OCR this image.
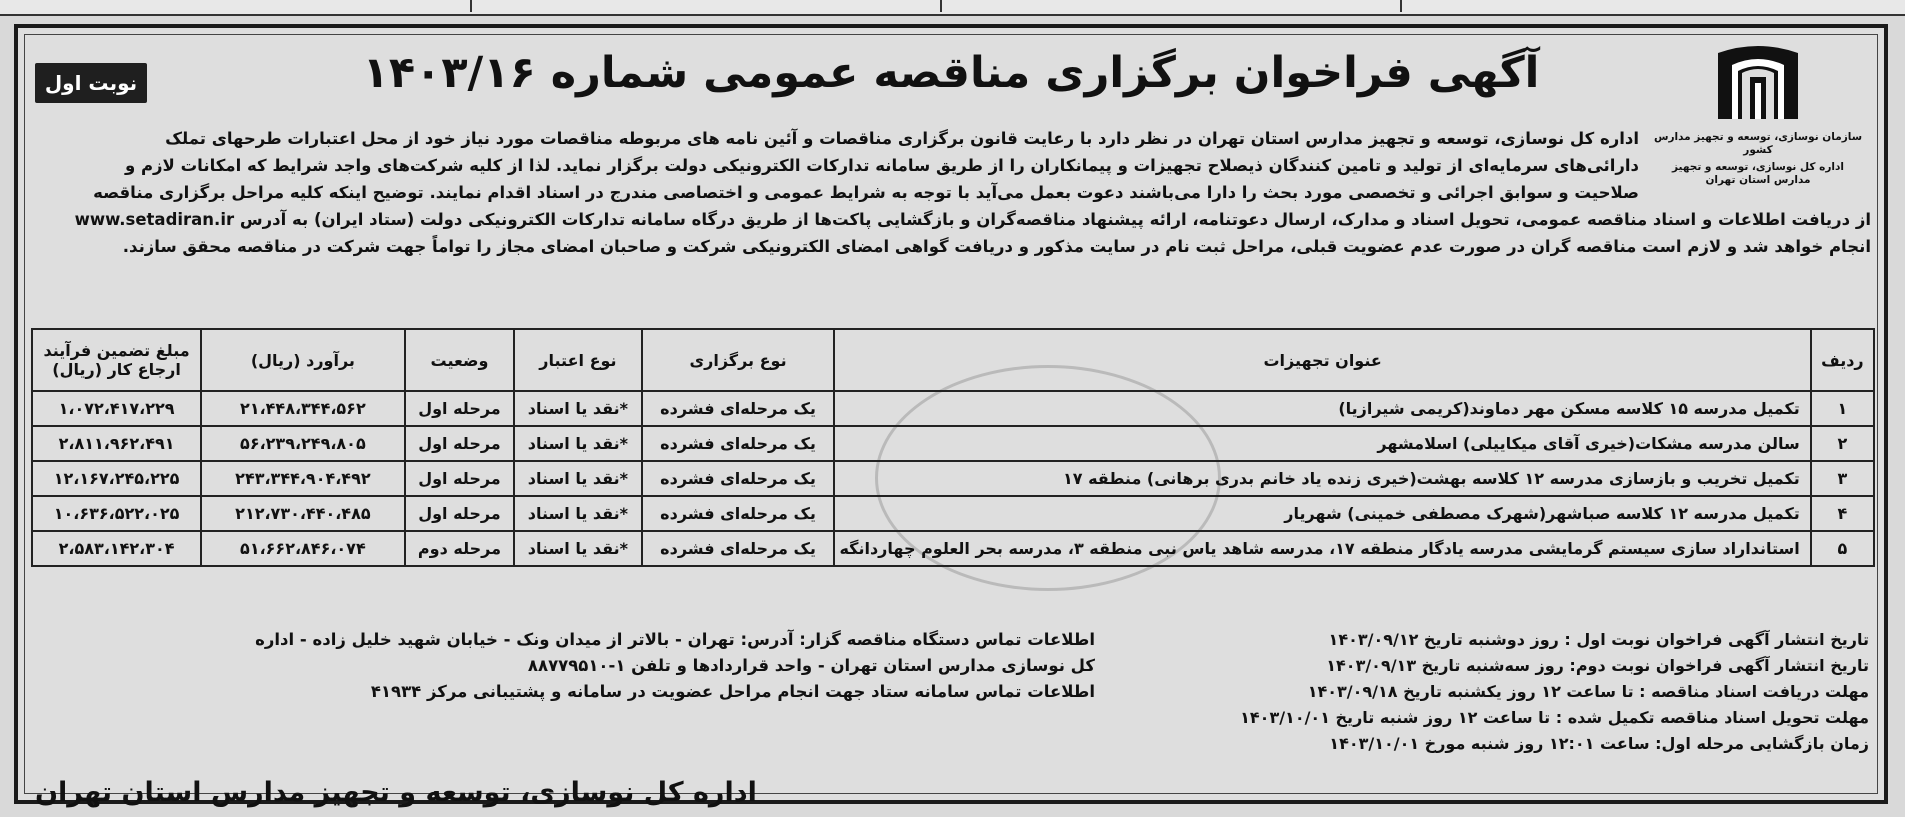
سازمان نوسازی، توسعه و تجهیز مدارس کشور
اداره کل نوسازی، توسعه و تجهیز مدارس استان تهران
نوبت اول	آگهی فراخوان برگزاری مناقصه عمومی شماره ۱۴۰۳/۱۶
اداره کل نوسازی، توسعه و تجهیز مدارس استان تهران در نظر دارد با رعایت قانون برگزاری مناقصات و آئین نامه های مربوطه مناقصات مورد نیاز خود از محل اعتبارات طرحهای تملک
دارائی‌های سرمایه‌ای از تولید و تامین کنندگان ذیصلاح تجهیزات و پیمانکاران را از طریق سامانه تدارکات الکترونیکی دولت برگزار نماید. لذا از کلیه شرکت‌های واجد شرایط که امکانات لازم و
صلاحیت و سوابق اجرائی و تخصصی مورد بحث را دارا می‌باشند دعوت بعمل می‌آید با توجه به شرایط عمومی و اختصاصی مندرج در اسناد اقدام نمایند. توضیح اینکه کلیه مراحل برگزاری مناقصه
از دریافت اطلاعات و اسناد مناقصه عمومی، تحویل اسناد و مدارک، ارسال دعوتنامه، ارائه پیشنهاد مناقصه‌گران و بازگشایی پاکت‌ها از طریق درگاه سامانه تدارکات الکترونیکی دولت (ستاد ایران) به آدرس www.setadiran.ir
انجام خواهد شد و لازم است مناقصه گران در صورت عدم عضویت قبلی، مراحل ثبت نام در سایت مذکور و دریافت گواهی امضای الکترونیکی شرکت و صاحبان امضای مجاز را تواماً جهت شرکت در مناقصه محقق سازند.
ردیف	عنوان تجهیزات	نوع برگزاری	نوع اعتبار	وضعیت	برآورد (ریال)	مبلغ تضمین فرآیند ارجاع کار (ریال)
۱	تکمیل مدرسه ۱۵ کلاسه مسکن مهر دماوند(کریمی شیرازیا)	یک مرحله‌ای فشرده	*نقد یا اسناد	مرحله اول	۲۱،۴۴۸،۳۴۴،۵۶۲	۱،۰۷۲،۴۱۷،۲۲۹
۲	سالن مدرسه مشکات(خیری آقای میکاییلی) اسلامشهر	یک مرحله‌ای فشرده	*نقد یا اسناد	مرحله اول	۵۶،۲۳۹،۲۴۹،۸۰۵	۲،۸۱۱،۹۶۲،۴۹۱
۳	تکمیل تخریب و بازسازی مدرسه ۱۲ کلاسه بهشت(خیری زنده یاد خانم بدری برهانی) منطقه ۱۷	یک مرحله‌ای فشرده	*نقد یا اسناد	مرحله اول	۲۴۳،۳۴۴،۹۰۴،۴۹۲	۱۲،۱۶۷،۲۴۵،۲۲۵
۴	تکمیل مدرسه ۱۲ کلاسه صباشهر(شهرک مصطفی خمینی) شهریار	یک مرحله‌ای فشرده	*نقد یا اسناد	مرحله اول	۲۱۲،۷۳۰،۴۴۰،۴۸۵	۱۰،۶۳۶،۵۲۲،۰۲۵
۵	استانداراد سازی سیستم گرمایشی مدرسه یادگار منطقه ۱۷، مدرسه شاهد یاس نبی منطقه ۳، مدرسه بحر العلوم چهاردانگه	یک مرحله‌ای فشرده	*نقد یا اسناد	مرحله دوم	۵۱،۶۶۲،۸۴۶،۰۷۴	۲،۵۸۳،۱۴۲،۳۰۴
تاریخ انتشار آگهی فراخوان نوبت اول : روز دوشنبه تاریخ ۱۴۰۳/۰۹/۱۲
تاریخ انتشار آگهی فراخوان نوبت دوم: روز سه‌شنبه تاریخ ۱۴۰۳/۰۹/۱۳
مهلت دریافت اسناد مناقصه : تا ساعت ۱۲ روز یکشنبه تاریخ ۱۴۰۳/۰۹/۱۸
مهلت تحویل اسناد مناقصه تکمیل شده : تا ساعت ۱۲ روز شنبه تاریخ ۱۴۰۳/۱۰/۰۱
زمان بازگشایی مرحله اول: ساعت ۱۲:۰۱ روز شنبه مورخ ۱۴۰۳/۱۰/۰۱
اطلاعات تماس دستگاه مناقصه گزار: آدرس: تهران - بالاتر از میدان ونک - خیابان شهید خلیل زاده - اداره
کل نوسازی مدارس استان تهران - واحد قراردادها و تلفن ۱-۸۸۷۷۹۵۱۰
اطلاعات تماس سامانه ستاد جهت انجام مراحل عضویت در سامانه و پشتیبانی مرکز ۴۱۹۳۴
اداره کل نوسازی، توسعه و تجهیز مدارس استان تهران
